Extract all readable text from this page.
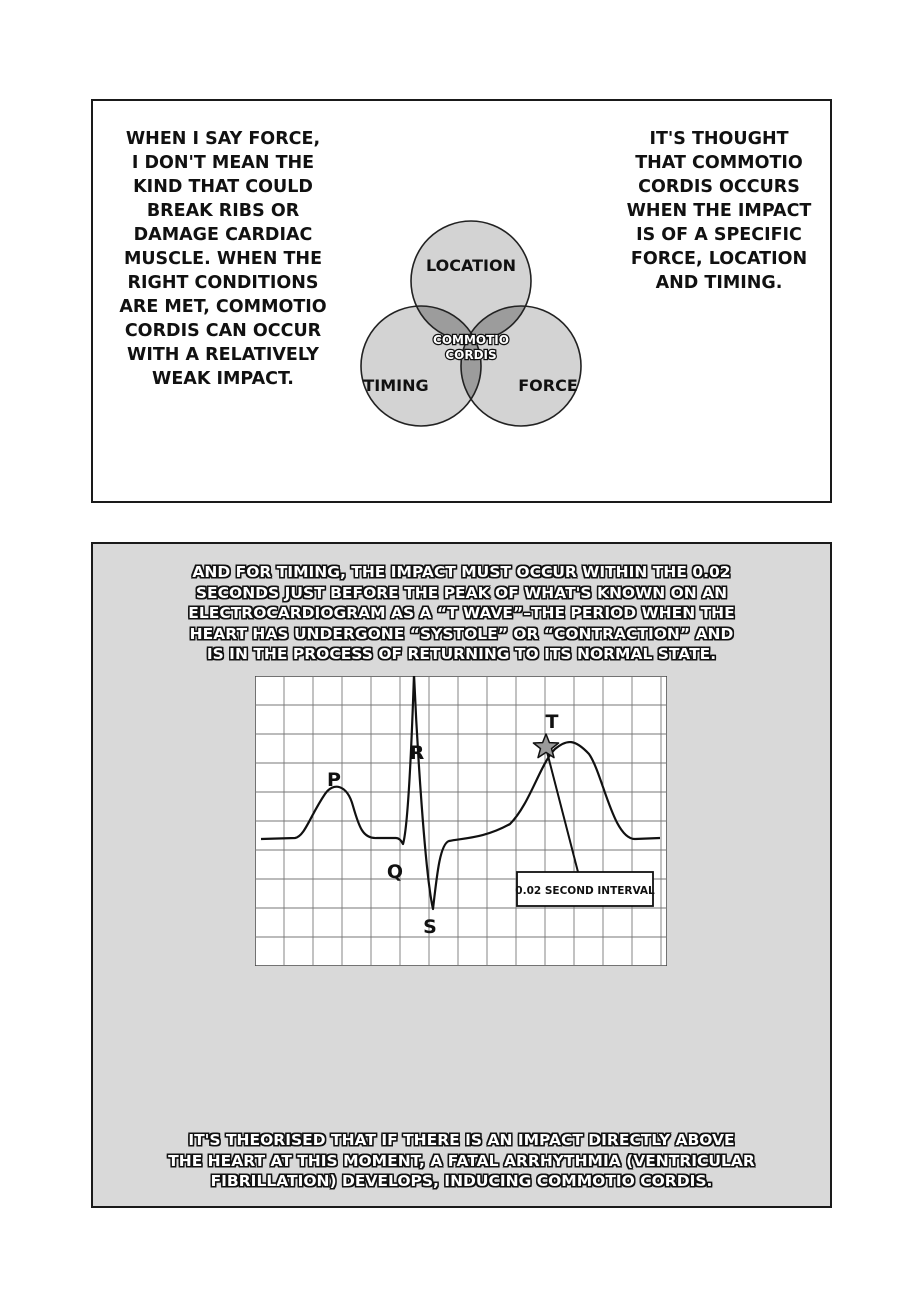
WHEN I SAY FORCE,
I DON'T MEAN THE
KIND THAT COULD
BREAK RIBS OR
DAMAGE CARDIAC
MUSCLE. WHEN THE
RIGHT CONDITIONS
ARE MET, COMMOTIO
CORDIS CAN OCCUR
WITH A RELATIVELY
WEAK IMPACT.

LOCATION
TIMING	FORCE
COMMOTIO
CORDIS

IT'S THOUGHT
THAT COMMOTIO
CORDIS OCCURS
WHEN THE IMPACT
IS OF A SPECIFIC
FORCE, LOCATION
AND TIMING.

AND FOR TIMING, THE IMPACT MUST OCCUR WITHIN THE 0.02
SECONDS JUST BEFORE THE PEAK OF WHAT'S KNOWN ON AN
ELECTROCARDIOGRAM AS A “T WAVE”–THE PERIOD WHEN THE
HEART HAS UNDERGONE “SYSTOLE” OR “CONTRACTION” AND
IS IN THE PROCESS OF RETURNING TO ITS NORMAL STATE.

P
Q
R
S
T
0.02 SECOND INTERVAL

IT'S THEORISED THAT IF THERE IS AN IMPACT DIRECTLY ABOVE
THE HEART AT THIS MOMENT, A FATAL ARRHYTHMIA (VENTRICULAR
FIBRILLATION) DEVELOPS, INDUCING COMMOTIO CORDIS.
